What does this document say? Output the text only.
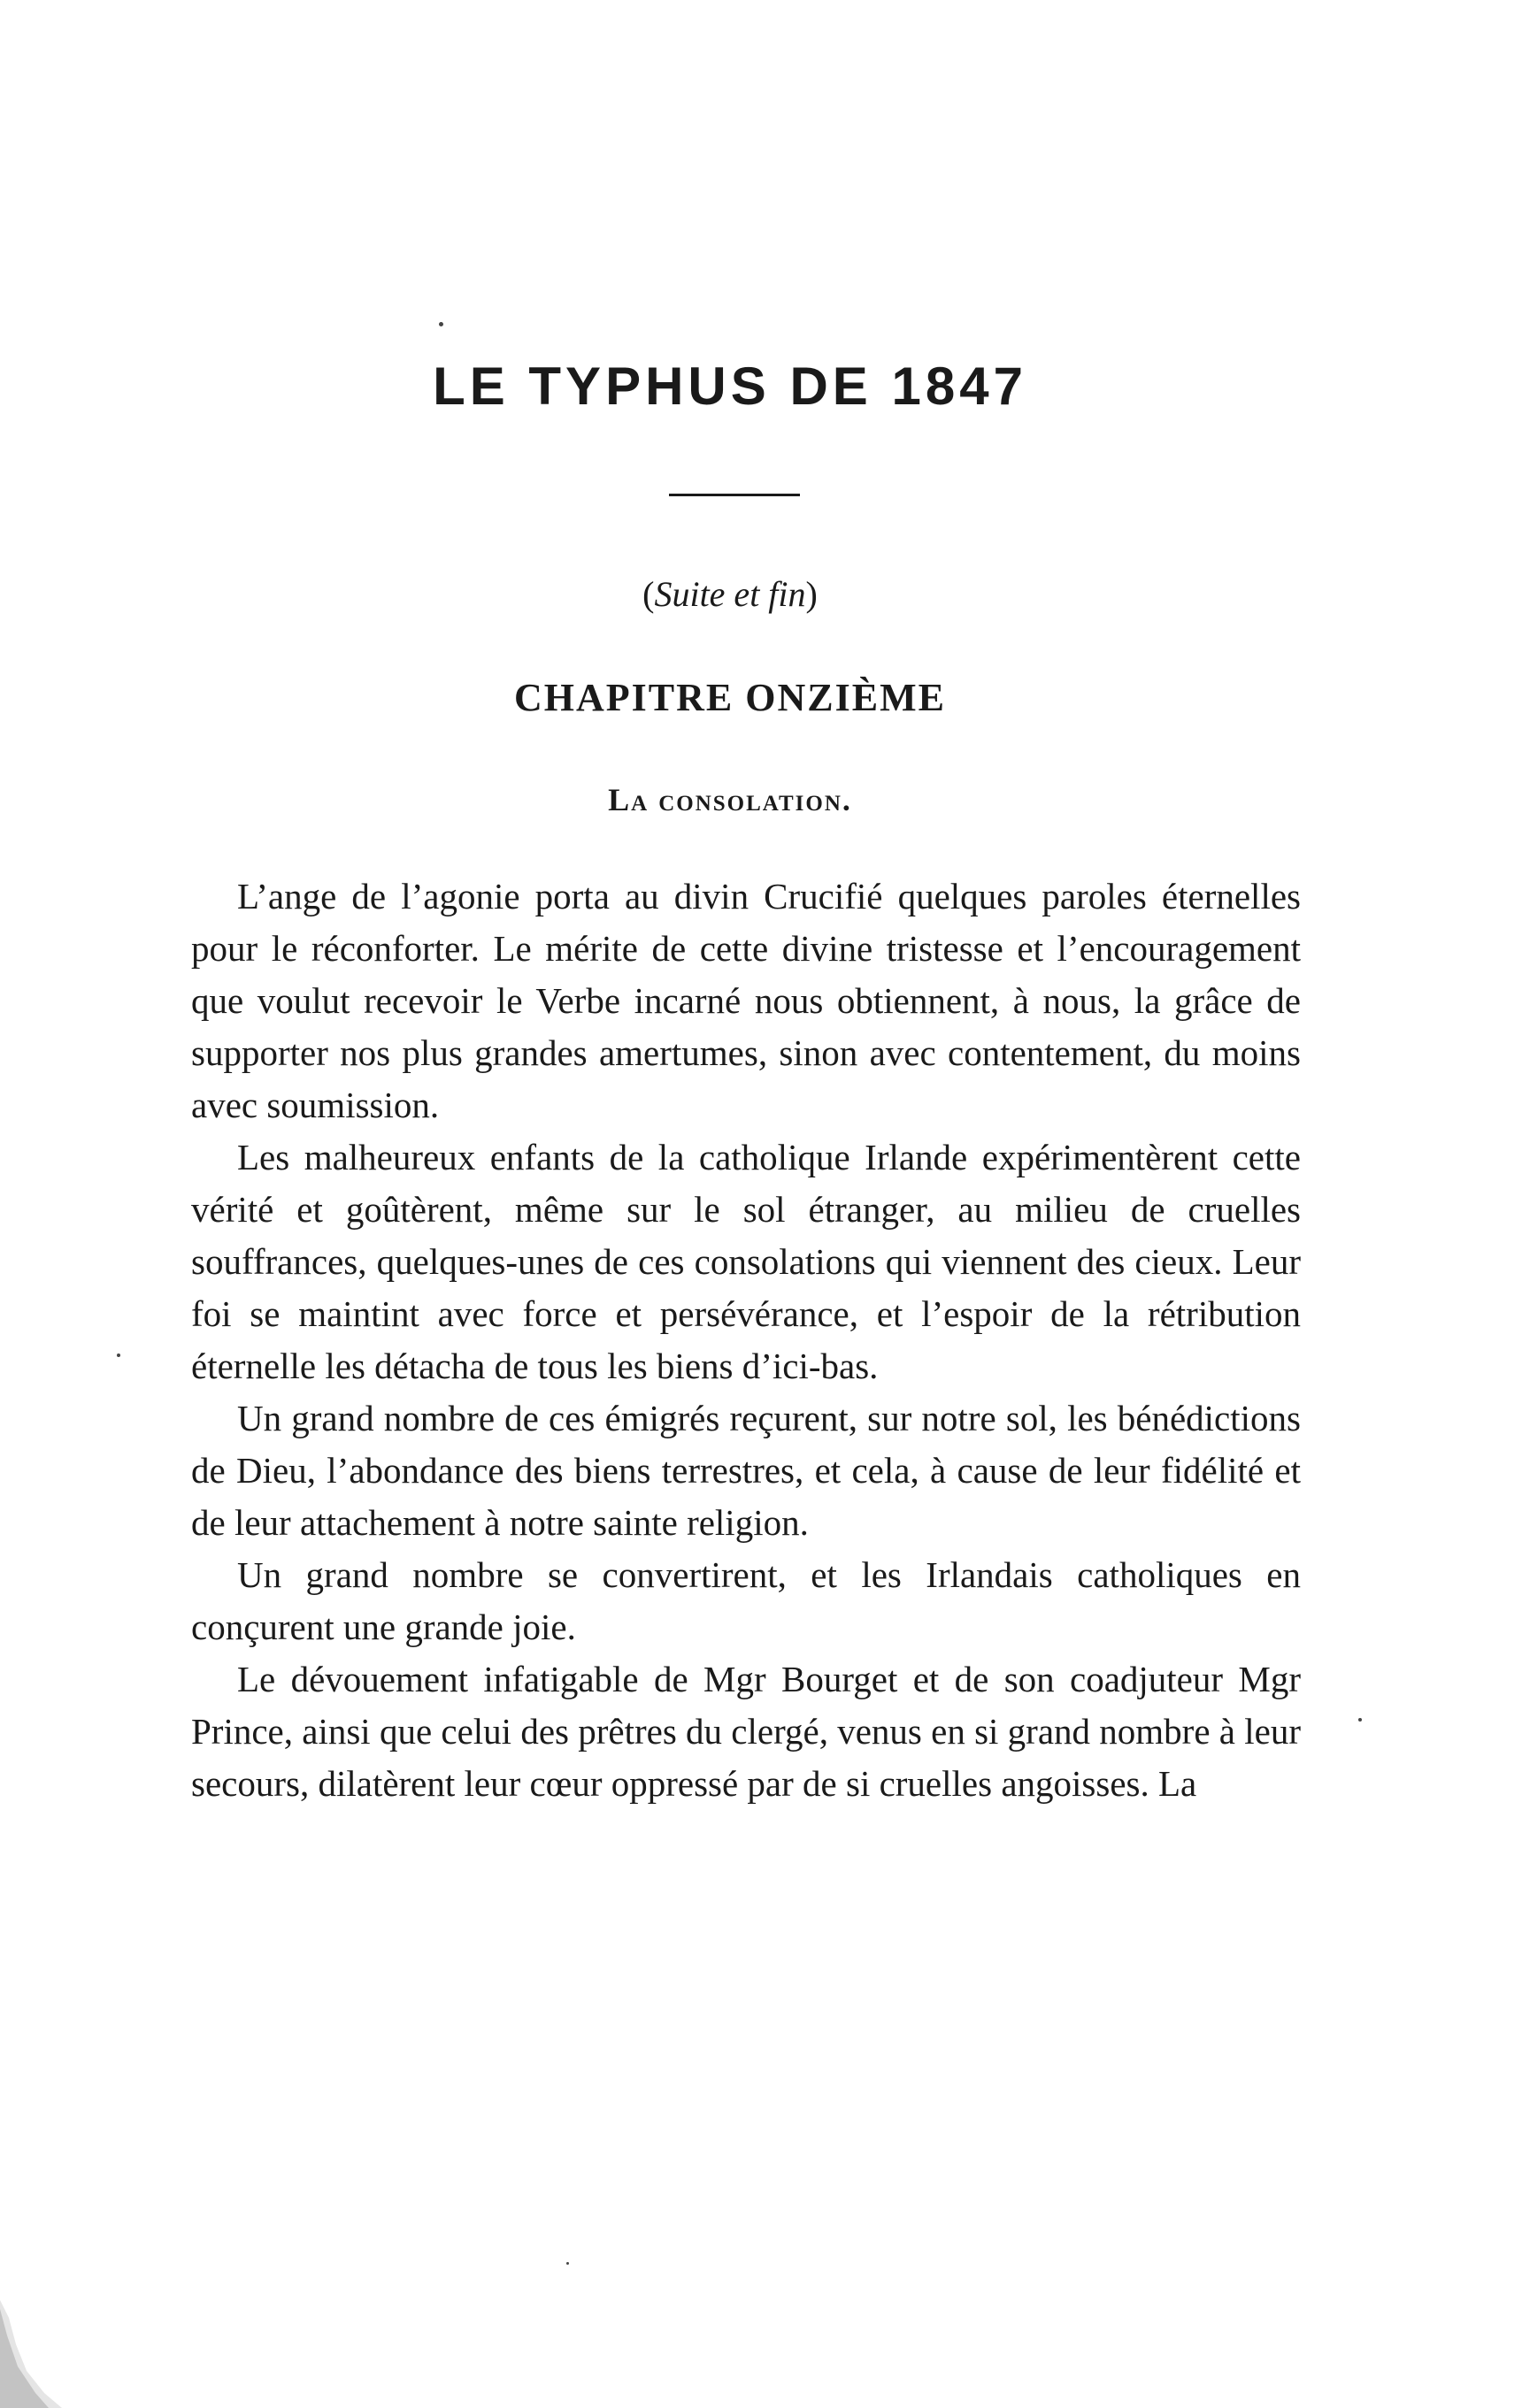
LE TYPHUS DE 1847

(Suite et fin)

CHAPITRE ONZIÈME
La consolation.

L’ange de l’agonie porta au divin Crucifié quelques paroles éternelles pour le réconforter. Le mérite de cette divine tristesse et l’encouragement que voulut recevoir le Verbe incarné nous obtiennent, à nous, la grâce de supporter nos plus grandes amertumes, sinon avec contentement, du moins avec soumission.

Les malheureux enfants de la catholique Irlande expérimentèrent cette vérité et goûtèrent, même sur le sol étranger, au milieu de cruelles souffrances, quelques-unes de ces consolations qui viennent des cieux. Leur foi se maintint avec force et persévérance, et l’espoir de la rétribution éternelle les détacha de tous les biens d’ici-bas.

Un grand nombre de ces émigrés reçurent, sur notre sol, les bénédictions de Dieu, l’abondance des biens terrestres, et cela, à cause de leur fidélité et de leur attachement à notre sainte religion.

Un grand nombre se convertirent, et les Irlandais catholiques en conçurent une grande joie.

Le dévouement infatigable de Mgr Bourget et de son coadjuteur Mgr Prince, ainsi que celui des prêtres du clergé, venus en si grand nombre à leur secours, dilatèrent leur cœur oppressé par de si cruelles angoisses. La
